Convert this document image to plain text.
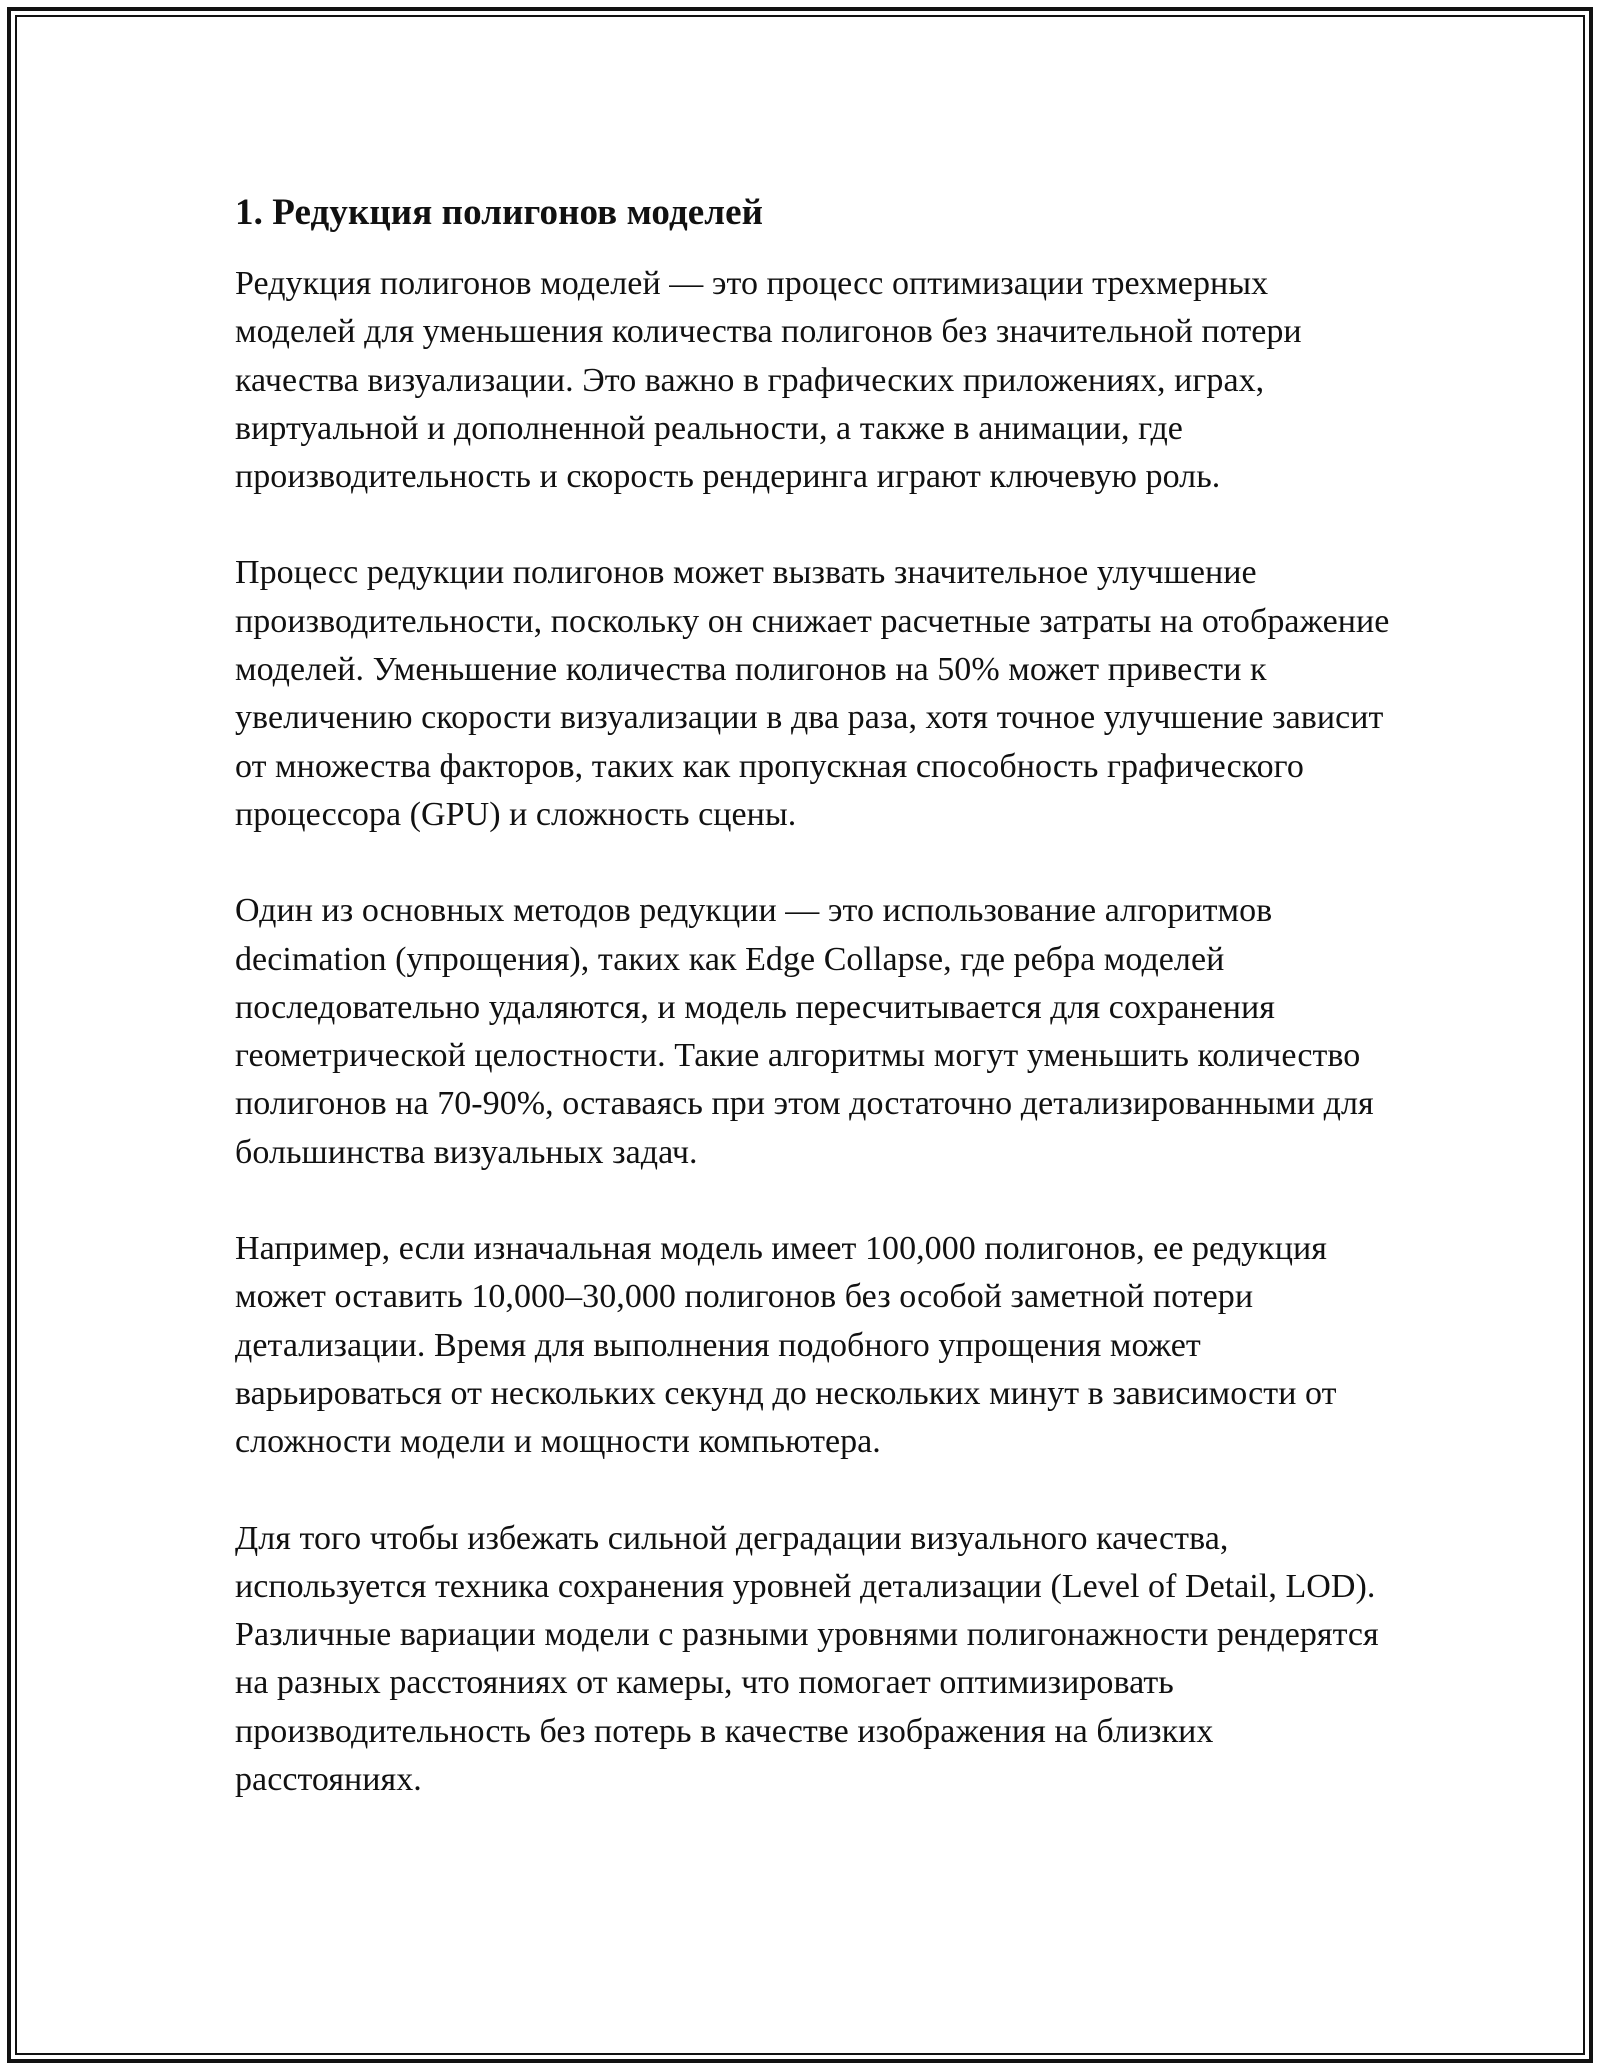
1. Редукция полигонов моделей

Редукция полигонов моделей — это процесс оптимизации трехмерных моделей для уменьшения количества полигонов без значительной потери качества визуализации. Это важно в графических приложениях, играх, виртуальной и дополненной реальности, а также в анимации, где производительность и скорость рендеринга играют ключевую роль.

Процесс редукции полигонов может вызвать значительное улучшение производительности, поскольку он снижает расчетные затраты на отображение моделей. Уменьшение количества полигонов на 50% может привести к увеличению скорости визуализации в два раза, хотя точное улучшение зависит от множества факторов, таких как пропускная способность графического процессора (GPU) и сложность сцены.

Один из основных методов редукции — это использование алгоритмов decimation (упрощения), таких как Edge Collapse, где ребра моделей последовательно удаляются, и модель пересчитывается для сохранения геометрической целостности. Такие алгоритмы могут уменьшить количество полигонов на 70-90%, оставаясь при этом достаточно детализированными для большинства визуальных задач.

Например, если изначальная модель имеет 100,000 полигонов, ее редукция может оставить 10,000–30,000 полигонов без особой заметной потери детализации. Время для выполнения подобного упрощения может варьироваться от нескольких секунд до нескольких минут в зависимости от сложности модели и мощности компьютера.

Для того чтобы избежать сильной деградации визуального качества, используется техника сохранения уровней детализации (Level of Detail, LOD). Различные вариации модели с разными уровнями полигонажности рендерятся на разных расстояниях от камеры, что помогает оптимизировать производительность без потерь в качестве изображения на близких расстояниях.
